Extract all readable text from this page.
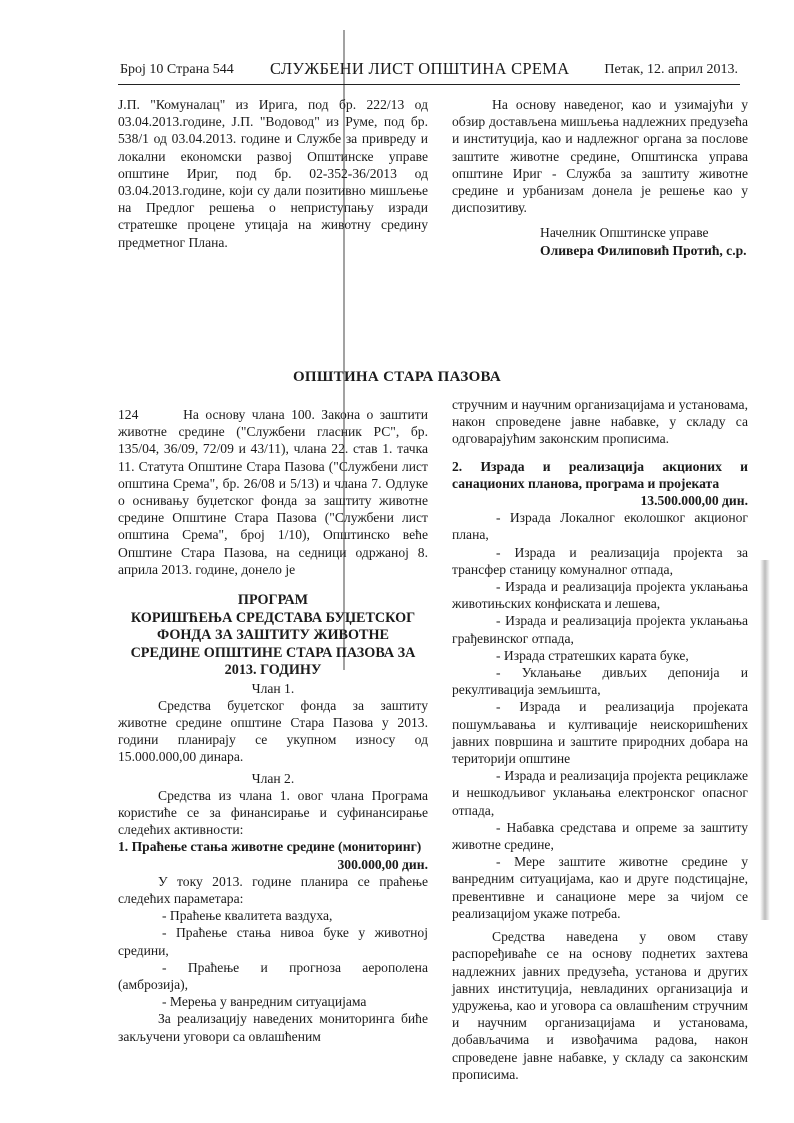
Број 10 Страна 544 СЛУЖБЕНИ ЛИСТ ОПШТИНА СРЕМА Петак, 12. април 2013.

Ј.П. "Комуналац" из Ирига, под бр. 222/13 од 03.04.2013.године, Ј.П. "Водовод" из Руме, под бр. 538/1 од 03.04.2013. године и Службе за привреду и локални економски развој Општинске управе општине Ириг, под бр. 02-352-36/2013 од 03.04.2013.године, који су дали позитивно мишљење на Предлог решења о неприступању изради стратешке процене утицаја на животну средину предметног Плана.

На основу наведеног, као и узимајући у обзир достављена мишљења надлежних предузећа и институција, као и надлежног органа за послове заштите животне средине, Општинска управа општине Ириг - Служба за заштиту животне средине и урбанизам донела је решење као у диспозитиву.

Начелник Општинске управе
Оливера Филиповић Протић, с.р.
ОПШТИНА СТАРА ПАЗОВА

124	На основу члана 100. Закона о заштити животне средине ("Службени гласник РС", бр. 135/04, 36/09, 72/09 и 43/11), члана 22. став 1. тачка 11. Статута Општине Стара Пазова ("Службени лист општина Срема", бр. 26/08 и 5/13) и члана 7. Одлуке о оснивању буџетског фонда за заштиту животне средине Општине Стара Пазова ("Службени лист општина Срема", број 1/10), Општинско веће Општине Стара Пазова, на седници одржаној 8. априла 2013. године, донело је

ПРОГРАМ
КОРИШЋЕЊА СРЕДСТАВА БУЏЕТСКОГ
ФОНДА ЗА ЗАШТИТУ ЖИВОТНЕ
СРЕДИНЕ ОПШТИНЕ СТАРА ПАЗОВА ЗА
2013. ГОДИНУ

Члан 1.

Средства буџетског фонда за заштиту животне средине општине Стара Пазова у 2013. години планирају се укупном износу од 15.000.000,00 динара.

Члан 2.

Средства из члана 1. овог члана Програма користиће се за финансирање и суфинансирање следећих активности:

1. Праћење стања животне средине (мониторинг)

300.000,00 дин.

У току 2013. године планира се праћење следећих параметара:

- Праћење квалитета ваздуха,

- Праћење стања нивоа буке у животној средини,

- Праћење и прогноза аерополена (амброзија),

- Мерења у ванредним ситуацијама

За реализацију наведених мониторинга биће закључени уговори са овлашћеним

стручним и научним организацијама и установама, након спроведене јавне набавке, у складу са одговарајућим законским прописима.

2. Израда и реализација акционих и санационих планова, програма и пројеката

13.500.000,00 дин.

- Израда Локалног еколошког акционог плана,

- Израда и реализација пројекта за трансфер станицу комуналног отпада,

- Израда и реализација пројекта уклањања животињских конфиската и лешева,

- Израда и реализација пројекта уклањања грађевинског отпада,

- Израда стратешких карата буке,

- Уклањање дивљих депонија и рекултивација земљишта,

- Израда и реализација пројеката пошумљавања и култивације неискоришћених јавних површина и заштите природних добара на територији општине

- Израда и реализација пројекта рециклаже и нешкодљивог уклањања електронског опасног отпада,

- Набавка средстава и опреме за заштиту животне средине,

- Мере заштите животне средине у ванредним ситуацијама, као и друге подстицајне, превентивне и санационе мере за чијом се реализацијом укаже потреба.

Средства наведена у овом ставу распоређиваће се на основу поднетих захтева надлежних јавних предузећа, установа и других јавних институција, невладиних организација и удружења, као и уговора са овлашћеним стручним и научним организацијама и установама, добављачима и извођачима радова, након спроведене јавне набавке, у складу са законским прописима.
